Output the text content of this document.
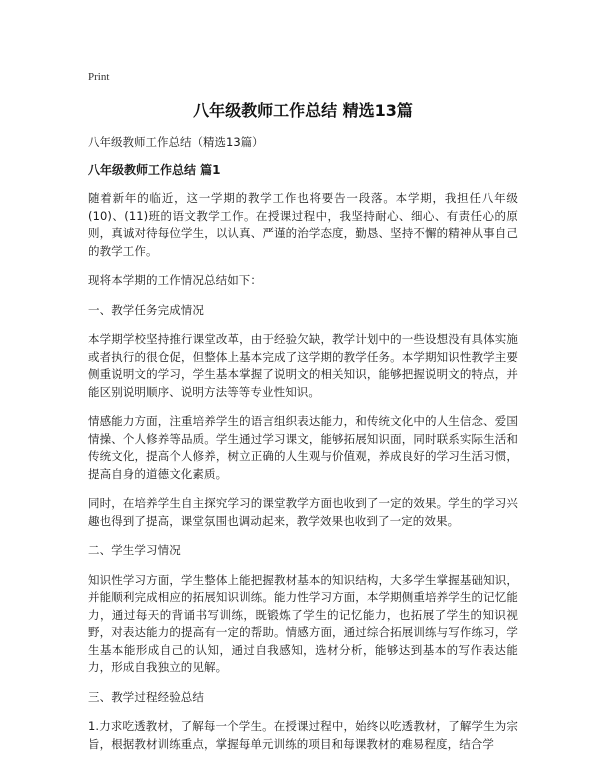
Print

八年级教师工作总结 精选13篇

八年级教师工作总结（精选13篇）

八年级教师工作总结 篇1

随着新年的临近，这一学期的教学工作也将要告一段落。本学期，我担任八年级(10)、(11)班的语文教学工作。在授课过程中，我坚持耐心、细心、有责任心的原则，真诚对待每位学生，以认真、严谨的治学态度，勤恳、坚持不懈的精神从事自己的教学工作。

现将本学期的工作情况总结如下：

一、教学任务完成情况

本学期学校坚持推行课堂改革，由于经验欠缺，教学计划中的一些设想没有具体实施或者执行的很仓促，但整体上基本完成了这学期的教学任务。本学期知识性教学主要侧重说明文的学习，学生基本掌握了说明文的相关知识，能够把握说明文的特点，并能区别说明顺序、说明方法等等专业性知识。

情感能力方面，注重培养学生的语言组织表达能力，和传统文化中的人生信念、爱国情操、个人修养等品质。学生通过学习课文，能够拓展知识面，同时联系实际生活和传统文化，提高个人修养，树立正确的人生观与价值观，养成良好的学习生活习惯，提高自身的道德文化素质。

同时，在培养学生自主探究学习的课堂教学方面也收到了一定的效果。学生的学习兴趣也得到了提高，课堂氛围也调动起来，教学效果也收到了一定的效果。

二、学生学习情况

知识性学习方面，学生整体上能把握教材基本的知识结构，大多学生掌握基础知识，并能顺利完成相应的拓展知识训练。能力性学习方面，本学期侧重培养学生的记忆能力，通过每天的背诵书写训练，既锻炼了学生的记忆能力，也拓展了学生的知识视野，对表达能力的提高有一定的帮助。情感方面，通过综合拓展训练与写作练习，学生基本能形成自己的认知，通过自我感知，选材分析，能够达到基本的写作表达能力，形成自我独立的见解。

三、教学过程经验总结

1.力求吃透教材，了解每一个学生。在授课过程中，始终以吃透教材，了解学生为宗旨，根据教材训练重点，掌握每单元训练的项目和每课教材的难易程度，结合学
